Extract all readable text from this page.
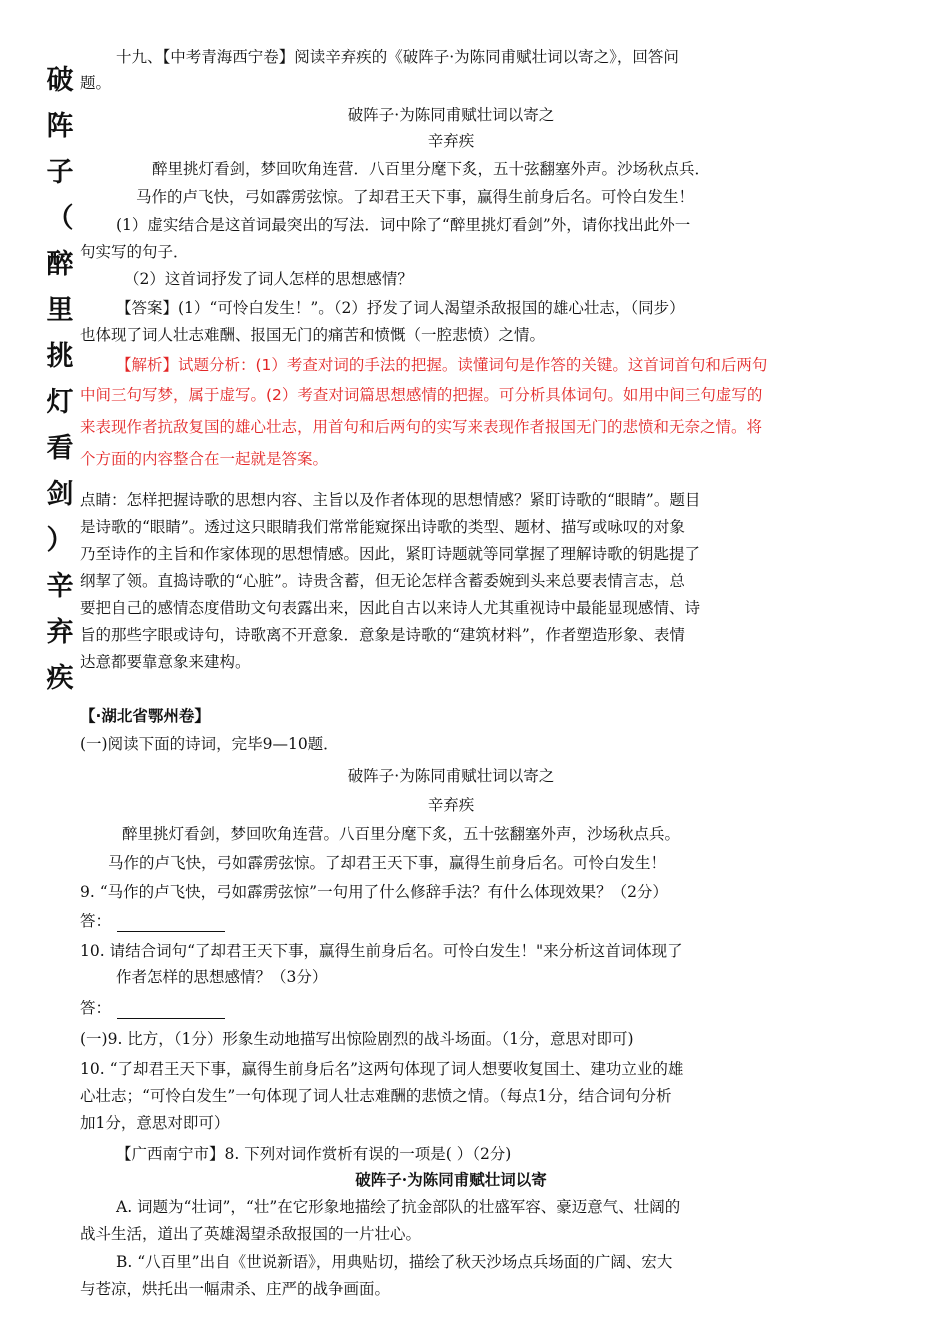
破
阵
子
（
醉
里
挑
灯
看
剑
）
辛
弃
疾
十九、【中考青海西宁卷】阅读辛弃疾的《破阵子·为陈同甫赋壮词以寄之》，回答问
题。
破阵子·为陈同甫赋壮词以寄之
辛弃疾
醉里挑灯看剑，梦回吹角连营．八百里分麾下炙，五十弦翻塞外声。沙场秋点兵．
马作的卢飞快，弓如霹雳弦惊。了却君王天下事，赢得生前身后名。可怜白发生！
(1）虚实结合是这首词最突出的写法．词中除了“醉里挑灯看剑”外，请你找出此外一
句实写的句子．
（2）这首词抒发了词人怎样的思想感情？
【答案】(1）“可怜白发生！”。（2）抒发了词人渴望杀敌报国的雄心壮志，（同步）
也体现了词人壮志难酬、报国无门的痛苦和愤慨（一腔悲愤）之情。
【解析】试题分析：(1）考查对词的手法的把握。读懂词句是作答的关键。这首词首句和后两句
中间三句写梦，属于虚写。(2）考查对词篇思想感情的把握。可分析具体词句。如用中间三句虚写的
来表现作者抗敌复国的雄心壮志，用首句和后两句的实写来表现作者报国无门的悲愤和无奈之情。将
个方面的内容整合在一起就是答案。
点睛：怎样把握诗歌的思想内容、主旨以及作者体现的思想情感？紧盯诗歌的“眼睛”。题目
是诗歌的“眼睛”。透过这只眼睛我们常常能窥探出诗歌的类型、题材、描写或咏叹的对象
乃至诗作的主旨和作家体现的思想情感。因此，紧盯诗题就等同掌握了理解诗歌的钥匙提了
纲挈了领。直捣诗歌的“心脏”。诗贵含蓄，但无论怎样含蓄委婉到头来总要表情言志，总
要把自己的感情态度借助文句表露出来，因此自古以来诗人尤其重视诗中最能显现感情、诗
旨的那些字眼或诗句，诗歌离不开意象．意象是诗歌的“建筑材料”，作者塑造形象、表情
达意都要靠意象来建构。
【·湖北省鄂州卷】
(一)阅读下面的诗词，完毕9—10题．
破阵子·为陈同甫赋壮词以寄之
辛弃疾
醉里挑灯看剑，梦回吹角连营。八百里分麾下炙，五十弦翻塞外声，沙场秋点兵。
马作的卢飞快，弓如霹雳弦惊。了却君王天下事，赢得生前身后名。可怜白发生！
9. “马作的卢飞快，弓如霹雳弦惊”一句用了什么修辞手法？有什么体现效果？（2分）
答：
10. 请结合词句“了却君王天下事，赢得生前身后名。可怜白发生！"来分析这首词体现了
作者怎样的思想感情？（3分）
答：
(一)9. 比方，（1分）形象生动地描写出惊险剧烈的战斗场面。（1分，意思对即可)
10. “了却君王天下事，赢得生前身后名”这两句体现了词人想要收复国土、建功立业的雄
心壮志；“可怜白发生”一句体现了词人壮志难酬的悲愤之情。（每点1分，结合词句分析
加1分，意思对即可）
【广西南宁市】8. 下列对词作赏析有误的一项是( ）（2分)
破阵子·为陈同甫赋壮词以寄
A. 词题为“壮词”，“壮”在它形象地描绘了抗金部队的壮盛军容、豪迈意气、壮阔的
战斗生活，道出了英雄渴望杀敌报国的一片壮心。
B. “八百里”出自《世说新语》，用典贴切，描绘了秋天沙场点兵场面的广阔、宏大
与苍凉，烘托出一幅肃杀、庄严的战争画面。
